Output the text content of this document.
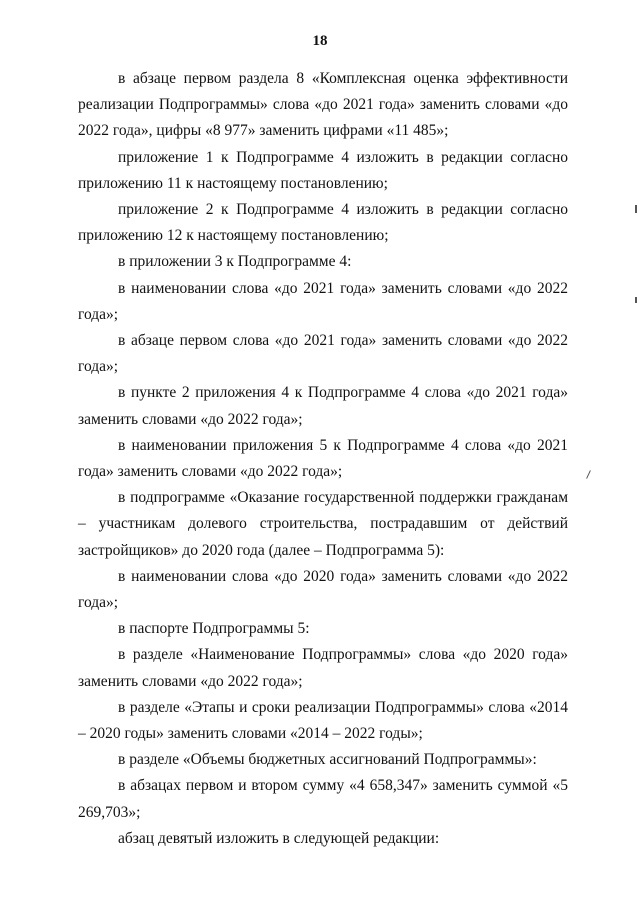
18

в абзаце первом раздела 8 «Комплексная оценка эффективности реализации Подпрограммы» слова «до 2021 года» заменить словами «до 2022 года», цифры «8 977» заменить цифрами «11 485»;

приложение 1 к Подпрограмме 4 изложить в редакции согласно приложению 11 к настоящему постановлению;

приложение 2 к Подпрограмме 4 изложить в редакции согласно приложению 12 к настоящему постановлению;

в приложении 3 к Подпрограмме 4:

в наименовании слова «до 2021 года» заменить словами «до 2022 года»;

в абзаце первом слова «до 2021 года» заменить словами «до 2022 года»;

в пункте 2 приложения 4 к Подпрограмме 4 слова «до 2021 года» заменить словами «до 2022 года»;

в наименовании приложения 5 к Подпрограмме 4 слова «до 2021 года» заменить словами «до 2022 года»;

в подпрограмме «Оказание государственной поддержки гражданам – участникам долевого строительства, пострадавшим от действий застройщиков» до 2020 года (далее – Подпрограмма 5):

в наименовании слова «до 2020 года» заменить словами «до 2022 года»;

в паспорте Подпрограммы 5:

в разделе «Наименование Подпрограммы» слова «до 2020 года» заменить словами «до 2022 года»;

в разделе «Этапы и сроки реализации Подпрограммы» слова «2014 – 2020 годы» заменить словами «2014 – 2022 годы»;

в разделе «Объемы бюджетных ассигнований Подпрограммы»:

в абзацах первом и втором сумму «4 658,347» заменить суммой «5 269,703»;

абзац девятый изложить в следующей редакции:
